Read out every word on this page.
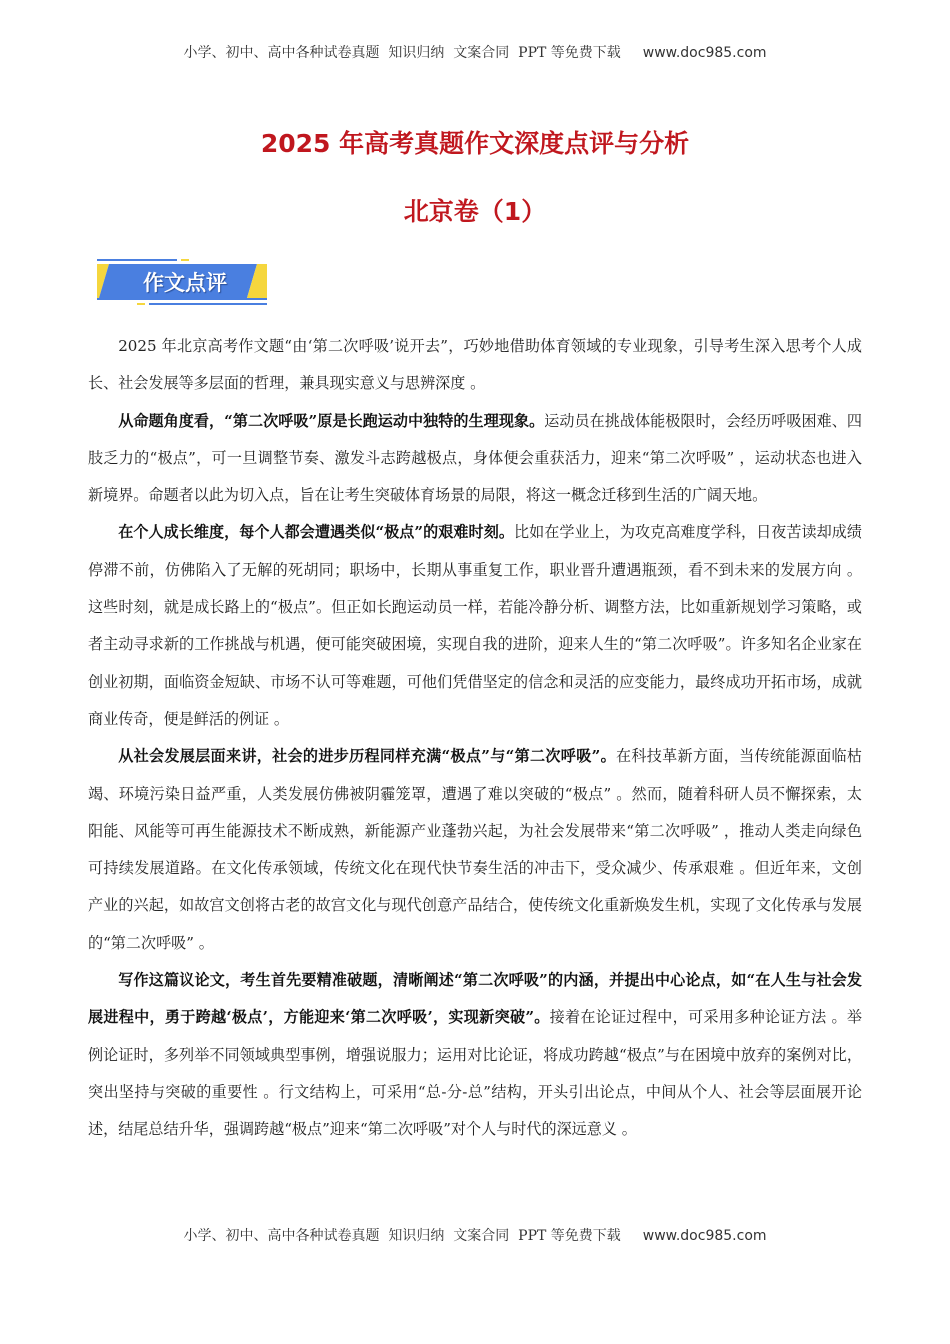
小学、初中、高中各种试卷真题  知识归纳  文案合同  PPT 等免费下载 www.doc985.com
2025 年高考真题作文深度点评与分析
北京卷（1）
作文点评

2025 年北京高考作文题“由‘第二次呼吸’说开去”，巧妙地借助体育领域的专业现象，引导考生深入思考个人成长、社会发展等多层面的哲理，兼具现实意义与思辨深度 。

从命题角度看，“第二次呼吸”原是长跑运动中独特的生理现象。运动员在挑战体能极限时，会经历呼吸困难、四肢乏力的“极点”，可一旦调整节奏、激发斗志跨越极点，身体便会重获活力，迎来“第二次呼吸” ，运动状态也进入新境界。命题者以此为切入点，旨在让考生突破体育场景的局限，将这一概念迁移到生活的广阔天地。

在个人成长维度，每个人都会遭遇类似“极点”的艰难时刻。比如在学业上，为攻克高难度学科，日夜苦读却成绩停滞不前，仿佛陷入了无解的死胡同；职场中，长期从事重复工作，职业晋升遭遇瓶颈，看不到未来的发展方向 。这些时刻，就是成长路上的“极点”。但正如长跑运动员一样，若能冷静分析、调整方法，比如重新规划学习策略，或者主动寻求新的工作挑战与机遇，便可能突破困境，实现自我的进阶，迎来人生的“第二次呼吸”。许多知名企业家在创业初期，面临资金短缺、市场不认可等难题，可他们凭借坚定的信念和灵活的应变能力，最终成功开拓市场，成就商业传奇，便是鲜活的例证 。

从社会发展层面来讲，社会的进步历程同样充满“极点”与“第二次呼吸”。在科技革新方面，当传统能源面临枯竭、环境污染日益严重，人类发展仿佛被阴霾笼罩，遭遇了难以突破的“极点” 。然而，随着科研人员不懈探索，太阳能、风能等可再生能源技术不断成熟，新能源产业蓬勃兴起，为社会发展带来“第二次呼吸” ，推动人类走向绿色可持续发展道路。在文化传承领域，传统文化在现代快节奏生活的冲击下，受众减少、传承艰难 。但近年来，文创产业的兴起，如故宫文创将古老的故宫文化与现代创意产品结合，使传统文化重新焕发生机，实现了文化传承与发展的“第二次呼吸” 。

写作这篇议论文，考生首先要精准破题，清晰阐述“第二次呼吸”的内涵，并提出中心论点，如“在人生与社会发展进程中，勇于跨越‘极点’，方能迎来‘第二次呼吸’，实现新突破”。接着在论证过程中，可采用多种论证方法 。举例论证时，多列举不同领域典型事例，增强说服力；运用对比论证，将成功跨越“极点”与在困境中放弃的案例对比，突出坚持与突破的重要性 。行文结构上，可采用“总-分-总”结构，开头引出论点，中间从个人、社会等层面展开论述，结尾总结升华，强调跨越“极点”迎来“第二次呼吸”对个人与时代的深远意义 。

小学、初中、高中各种试卷真题  知识归纳  文案合同  PPT 等免费下载 www.doc985.com
